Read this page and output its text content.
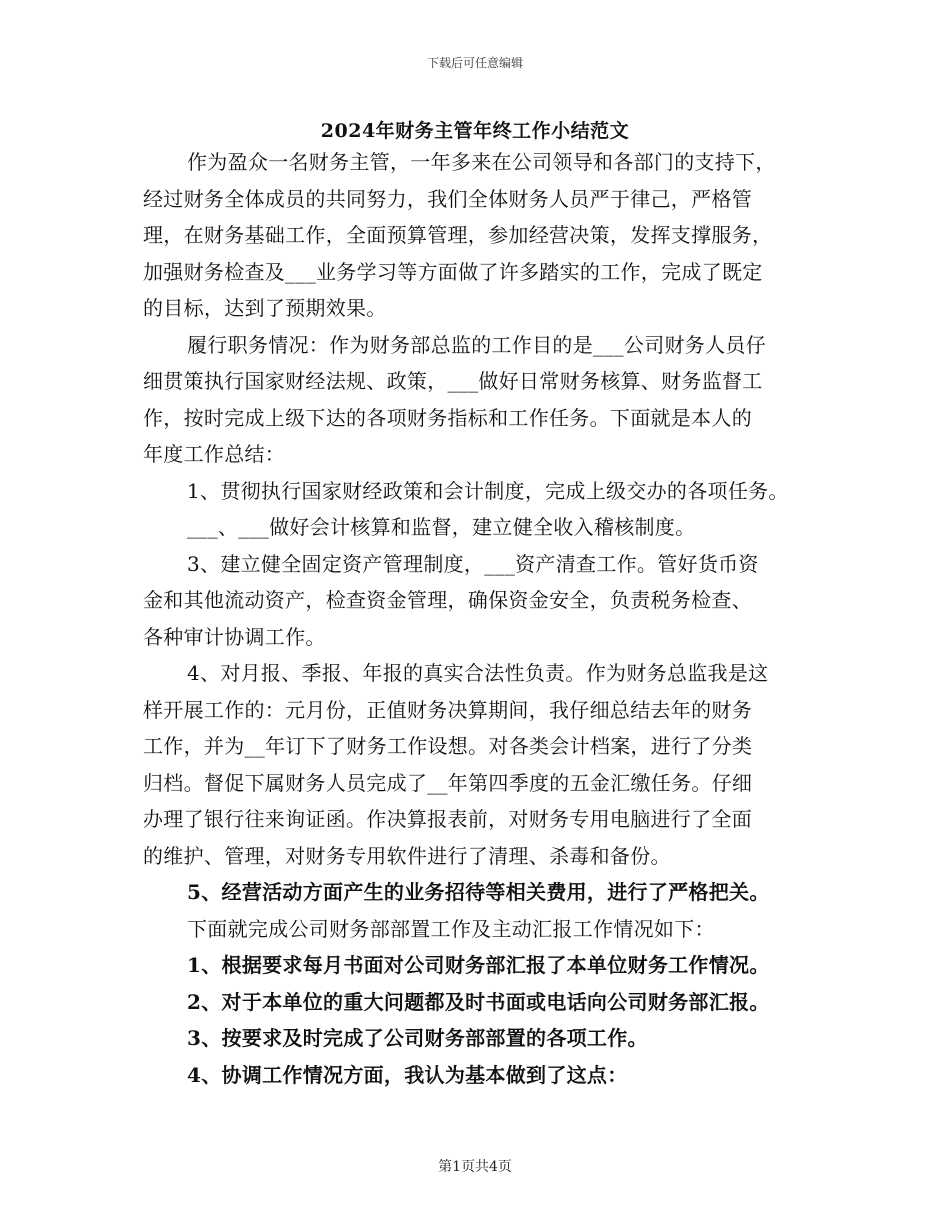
下载后可任意编辑
2024年财务主管年终工作小结范文
作为盈众一名财务主管，一年多来在公司领导和各部门的支持下，
经过财务全体成员的共同努力，我们全体财务人员严于律己，严格管
理，在财务基础工作，全面预算管理，参加经营决策，发挥支撑服务，
加强财务检查及___业务学习等方面做了许多踏实的工作，完成了既定
的目标，达到了预期效果。
履行职务情况：作为财务部总监的工作目的是___公司财务人员仔
细贯策执行国家财经法规、政策，___做好日常财务核算、财务监督工
作，按时完成上级下达的各项财务指标和工作任务。下面就是本人的
年度工作总结：
1、贯彻执行国家财经政策和会计制度，完成上级交办的各项任务。
___、___做好会计核算和监督，建立健全收入稽核制度。
3、建立健全固定资产管理制度，___资产清查工作。管好货币资
金和其他流动资产，检查资金管理，确保资金安全，负责税务检查、
各种审计协调工作。
4、对月报、季报、年报的真实合法性负责。作为财务总监我是这
样开展工作的：元月份，正值财务决算期间，我仔细总结去年的财务
工作，并为__年订下了财务工作设想。对各类会计档案，进行了分类
归档。督促下属财务人员完成了__年第四季度的五金汇缴任务。仔细
办理了银行往来询证函。作决算报表前，对财务专用电脑进行了全面
的维护、管理，对财务专用软件进行了清理、杀毒和备份。
5、经营活动方面产生的业务招待等相关费用，进行了严格把关。
下面就完成公司财务部部置工作及主动汇报工作情况如下：
1、根据要求每月书面对公司财务部汇报了本单位财务工作情况。
2、对于本单位的重大问题都及时书面或电话向公司财务部汇报。
3、按要求及时完成了公司财务部部置的各项工作。
4、协调工作情况方面，我认为基本做到了这点：
第1页共4页
